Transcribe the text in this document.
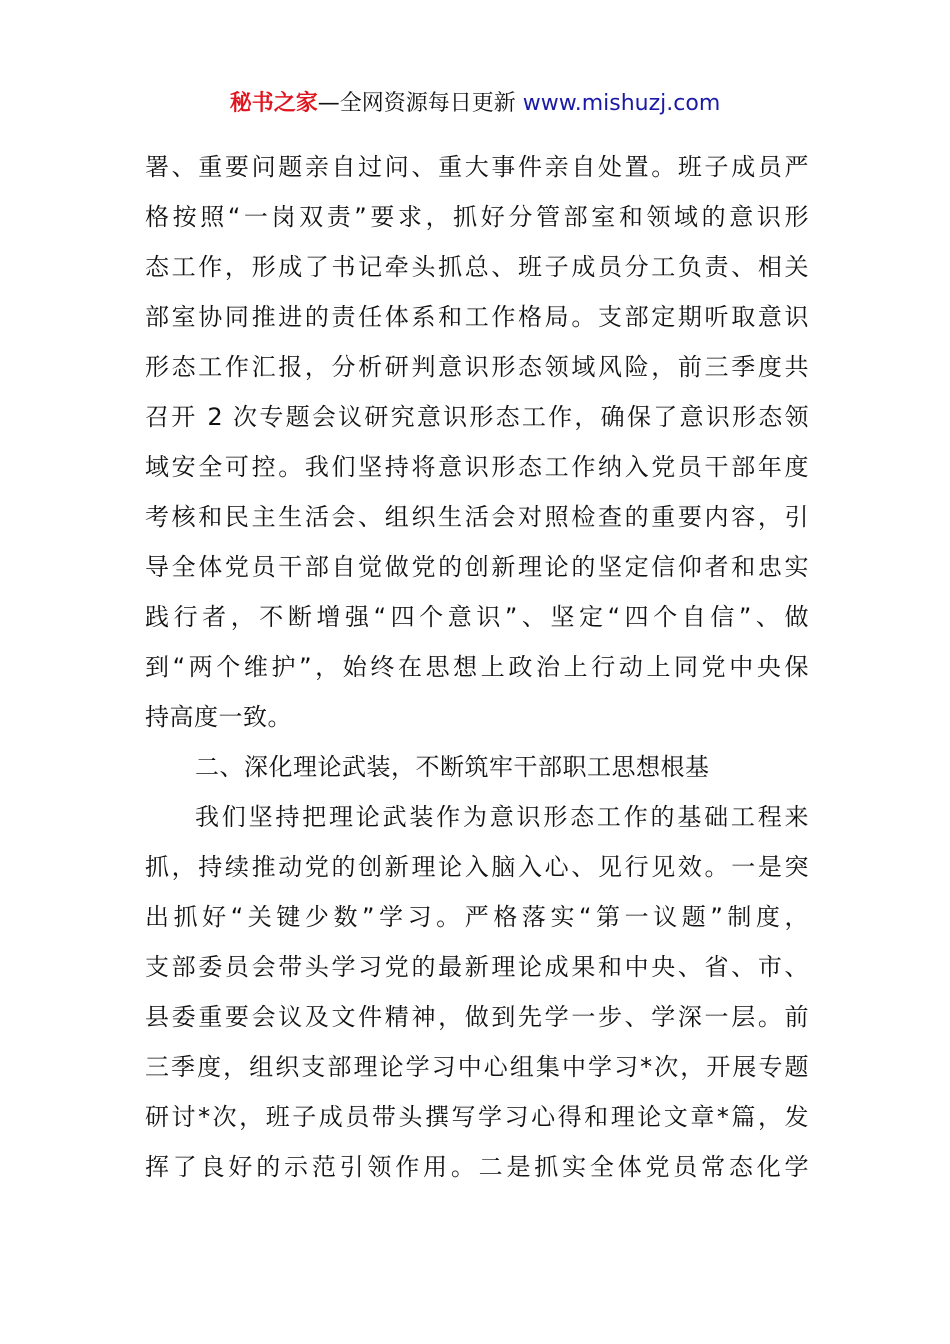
秘书之家—全网资源每日更新 www.mishuzj.com
署、重要问题亲自过问、重大事件亲自处置。班子成员严
格按照“一岗双责”要求，抓好分管部室和领域的意识形
态工作，形成了书记牵头抓总、班子成员分工负责、相关
部室协同推进的责任体系和工作格局。支部定期听取意识
形态工作汇报，分析研判意识形态领域风险，前三季度共
召开 2 次专题会议研究意识形态工作，确保了意识形态领
域安全可控。我们坚持将意识形态工作纳入党员干部年度
考核和民主生活会、组织生活会对照检查的重要内容，引
导全体党员干部自觉做党的创新理论的坚定信仰者和忠实
践行者，不断增强“四个意识”、坚定“四个自信”、做
到“两个维护”，始终在思想上政治上行动上同党中央保
持高度一致。
二、深化理论武装，不断筑牢干部职工思想根基
我们坚持把理论武装作为意识形态工作的基础工程来
抓，持续推动党的创新理论入脑入心、见行见效。一是突
出抓好“关键少数”学习。严格落实“第一议题”制度，
支部委员会带头学习党的最新理论成果和中央、省、市、
县委重要会议及文件精神，做到先学一步、学深一层。前
三季度，组织支部理论学习中心组集中学习*次，开展专题
研讨*次，班子成员带头撰写学习心得和理论文章*篇，发
挥了良好的示范引领作用。二是抓实全体党员常态化学
